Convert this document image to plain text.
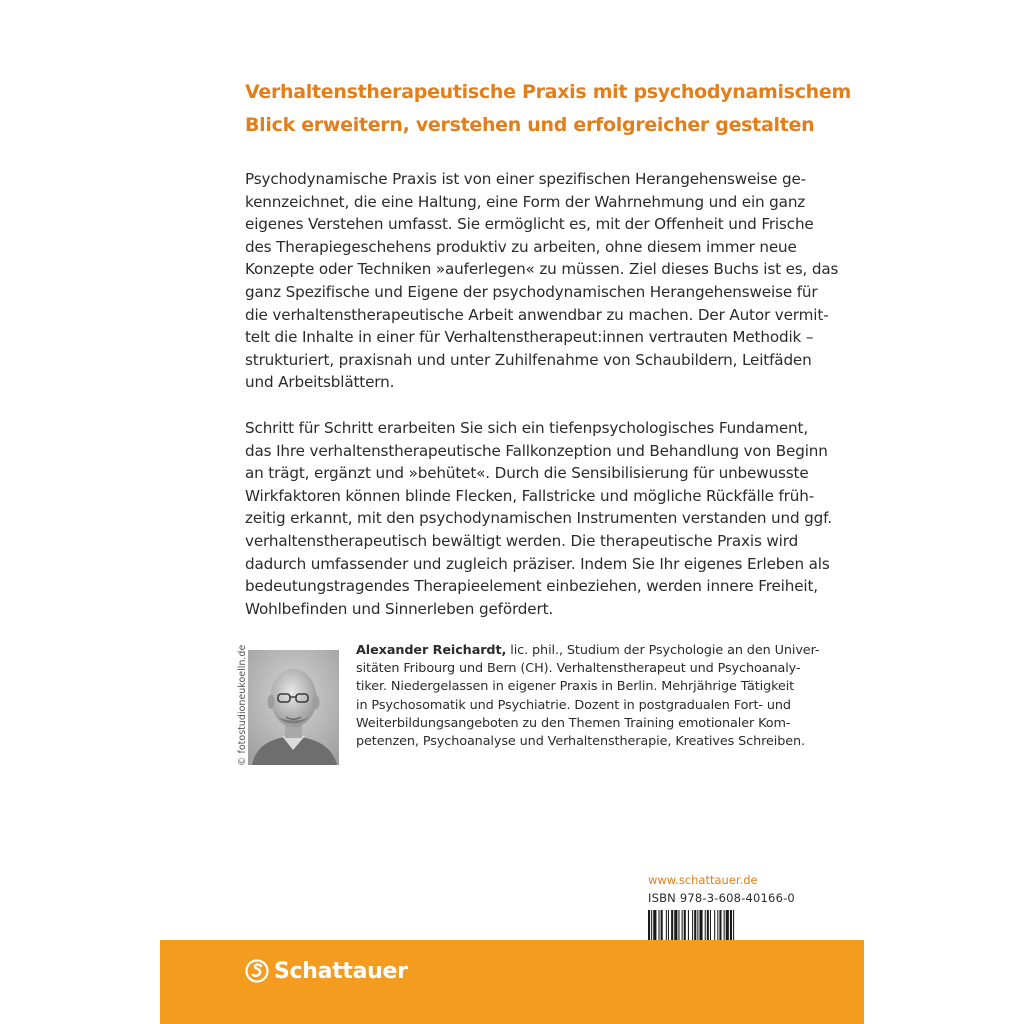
Verhaltenstherapeutische Praxis mit psychodynamischem
Blick erweitern, verstehen und erfolgreicher gestalten
Psychodynamische Praxis ist von einer spezifischen Herangehensweise ge-
kennzeichnet, die eine Haltung, eine Form der Wahrnehmung und ein ganz
eigenes Verstehen umfasst. Sie ermöglicht es, mit der Offenheit und Frische
des Therapiegeschehens produktiv zu arbeiten, ohne diesem immer neue
Konzepte oder Techniken »auferlegen« zu müssen. Ziel dieses Buchs ist es, das
ganz Spezifische und Eigene der psychodynamischen Herangehensweise für
die verhaltenstherapeutische Arbeit anwendbar zu machen. Der Autor vermit-
telt die Inhalte in einer für Verhaltenstherapeut:innen vertrauten Methodik –
strukturiert, praxisnah und unter Zuhilfenahme von Schaubildern, Leitfäden
und Arbeitsblättern.
Schritt für Schritt erarbeiten Sie sich ein tiefenpsychologisches Fundament,
das Ihre verhaltenstherapeutische Fallkonzeption und Behandlung von Beginn
an trägt, ergänzt und »behütet«. Durch die Sensibilisierung für unbewusste
Wirkfaktoren können blinde Flecken, Fallstricke und mögliche Rückfälle früh-
zeitig erkannt, mit den psychodynamischen Instrumenten verstanden und ggf.
verhaltenstherapeutisch bewältigt werden. Die therapeutische Praxis wird
dadurch umfassender und zugleich präziser. Indem Sie Ihr eigenes Erleben als
bedeutungstragendes Therapieelement einbeziehen, werden innere Freiheit,
Wohlbefinden und Sinnerleben gefördert.
© fotostudioneukoelln.de	Alexander Reichardt, lic. phil., Studium der Psychologie an den Univer-
sitäten Fribourg und Bern (CH). Verhaltenstherapeut und Psychoanaly-
tiker. Niedergelassen in eigener Praxis in Berlin. Mehrjährige Tätigkeit
in Psychosomatik und Psychiatrie. Dozent in postgradualen Fort- und
Weiterbildungsangeboten zu den Themen Training emotionaler Kom-
petenzen, Psychoanalyse und Verhaltenstherapie, Kreatives Schreiben.
www.schattauer.de
ISBN 978-3-608-40166-0
Schattauer
